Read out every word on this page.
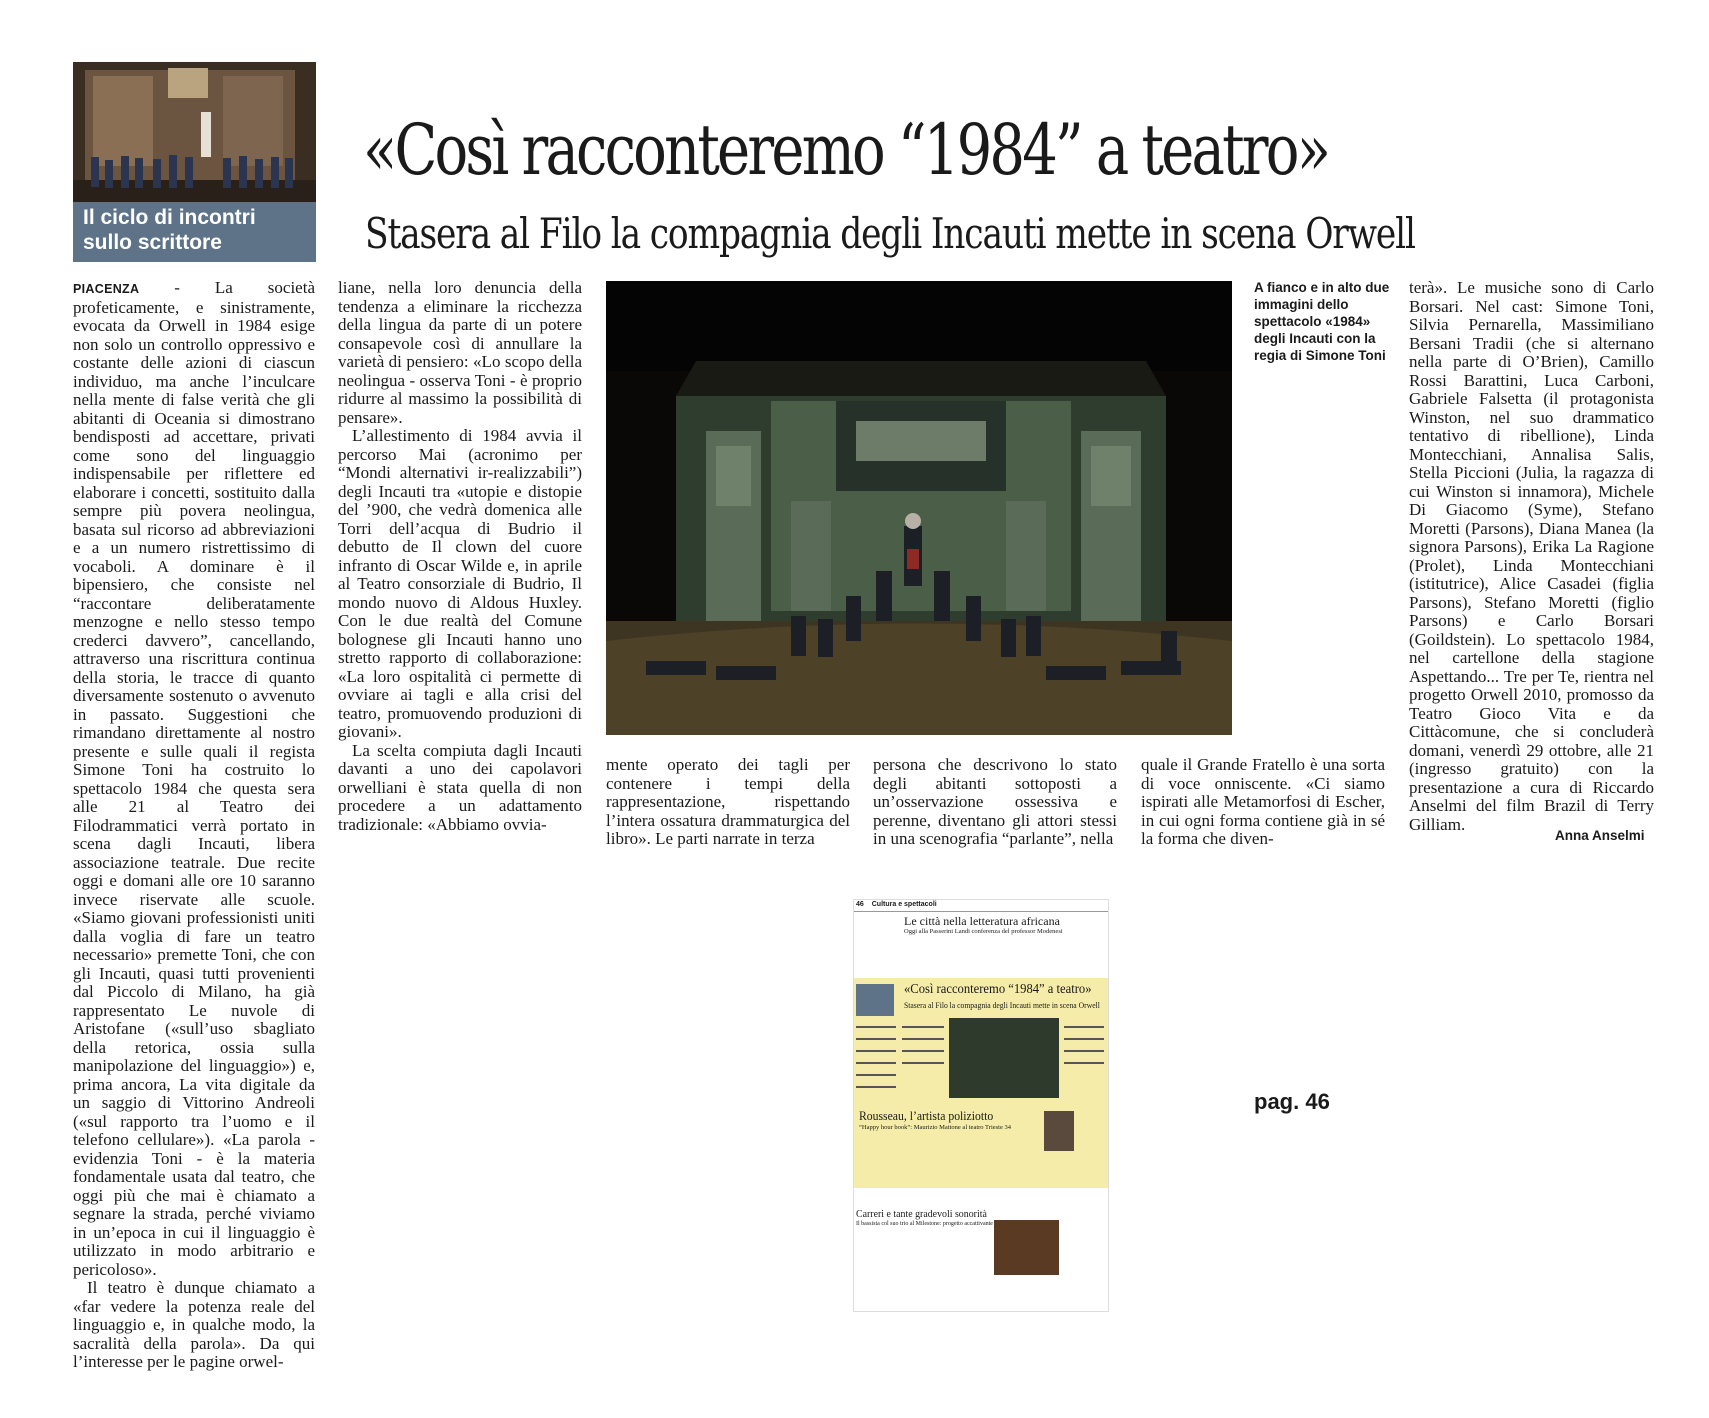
Il ciclo di incontri sullo scrittore
«Così racconteremo “1984” a teatro»
Stasera al Filo la compagnia degli Incauti mette in scena Orwell

PIACENZA - La società profeticamente, e sinistramente, evocata da Orwell in 1984 esige non solo un controllo oppressivo e costante delle azioni di ciascun individuo, ma anche l’inculcare nella mente di false verità che gli abitanti di Oceania si dimostrano bendisposti ad accettare, privati come sono del linguaggio indispensabile per riflettere ed elaborare i concetti, sostituito dalla sempre più povera neolingua, basata sul ricorso ad abbreviazioni e a un numero ristrettissimo di vocaboli. A dominare è il bipensiero, che consiste nel “raccontare deliberatamente menzogne e nello stesso tempo crederci davvero”, cancellando, attraverso una riscrittura continua della storia, le tracce di quanto diversamente sostenuto o avvenuto in passato. Suggestioni che rimandano direttamente al nostro presente e sulle quali il regista Simone Toni ha costruito lo spettacolo 1984 che questa sera alle 21 al Teatro dei Filodrammatici verrà portato in scena dagli Incauti, libera associazione teatrale. Due recite oggi e domani alle ore 10 saranno invece riservate alle scuole. «Siamo giovani professionisti uniti dalla voglia di fare un teatro necessario» premette Toni, che con gli Incauti, quasi tutti provenienti dal Piccolo di Milano, ha già rappresentato Le nuvole di Aristofane («sull’uso sbagliato della retorica, ossia sulla manipolazione del linguaggio») e, prima ancora, La vita digitale da un saggio di Vittorino Andreoli («sul rapporto tra l’uomo e il telefono cellulare»). «La parola - evidenzia Toni - è la materia fondamentale usata dal teatro, che oggi più che mai è chiamato a segnare la strada, perché viviamo in un’epoca in cui il linguaggio è utilizzato in modo arbitrario e pericoloso».

Il teatro è dunque chiamato a «far vedere la potenza reale del linguaggio e, in qualche modo, la sacralità della parola». Da qui l’interesse per le pagine orwel-

liane, nella loro denuncia della tendenza a eliminare la ricchezza della lingua da parte di un potere consapevole così di annullare la varietà di pensiero: «Lo scopo della neolingua - osserva Toni - è proprio ridurre al massimo la possibilità di pensare».

L’allestimento di 1984 avvia il percorso Mai (acronimo per “Mondi alternativi ir-realizzabili”) degli Incauti tra «utopie e distopie del ’900, che vedrà domenica alle Torri dell’acqua di Budrio il debutto de Il clown del cuore infranto di Oscar Wilde e, in aprile al Teatro consorziale di Budrio, Il mondo nuovo di Aldous Huxley. Con le due realtà del Comune bolognese gli Incauti hanno uno stretto rapporto di collaborazione: «La loro ospitalità ci permette di ovviare ai tagli e alla crisi del teatro, promuovendo produzioni di giovani».

La scelta compiuta dagli Incauti davanti a uno dei capolavori orwelliani è stata quella di non procedere a un adattamento tradizionale: «Abbiamo ovvia-

A fianco e in alto due immagini dello spettacolo «1984» degli Incauti con la regia di Simone Toni
mente operato dei tagli per contenere i tempi della rappresentazione, rispettando l’intera ossatura drammaturgica del libro». Le parti narrate in terza
persona che descrivono lo stato degli abitanti sottoposti a un’osservazione ossessiva e perenne, diventano gli attori stessi in una scenografia “parlante”, nella
quale il Grande Fratello è una sorta di voce onniscente. «Ci siamo ispirati alle Metamorfosi di Escher, in cui ogni forma contiene già in sé la forma che diven-
terà». Le musiche sono di Carlo Borsari. Nel cast: Simone Toni, Silvia Pernarella, Massimiliano Bersani Tradii (che si alternano nella parte di O’Brien), Camillo Rossi Barattini, Luca Carboni, Gabriele Falsetta (il protagonista Winston, nel suo drammatico tentativo di ribellione), Linda Montecchiani, Annalisa Salis, Stella Piccioni (Julia, la ragazza di cui Winston si innamora), Michele Di Giacomo (Syme), Stefano Moretti (Parsons), Diana Manea (la signora Parsons), Erika La Ragione (Prolet), Linda Montecchiani (istitutrice), Alice Casadei (figlia Parsons), Stefano Moretti (figlio Parsons) e Carlo Borsari (Goildstein). Lo spettacolo 1984, nel cartellone della stagione Aspettando... Tre per Te, rientra nel progetto Orwell 2010, promosso da Teatro Gioco Vita e da Cittàcomune, che si concluderà domani, venerdì 29 ottobre, alle 21 (ingresso gratuito) con la presentazione a cura di Riccardo Anselmi del film Brazil di Terry Gilliam.
Anna Anselmi
46 Cultura e spettacoli
Le città nella letteratura africana
Oggi alla Passerini Landi conferenza del professor Modenesi
«Così racconteremo “1984” a teatro»
Stasera al Filo la compagnia degli Incauti mette in scena Orwell
Rousseau, l’artista poliziotto
“Happy hour book”: Maurizio Mattone al teatro Trieste 34
Carreri e tante gradevoli sonorità
Il bassista col suo trio al Milestone: progetto accattivante
pag. 46
